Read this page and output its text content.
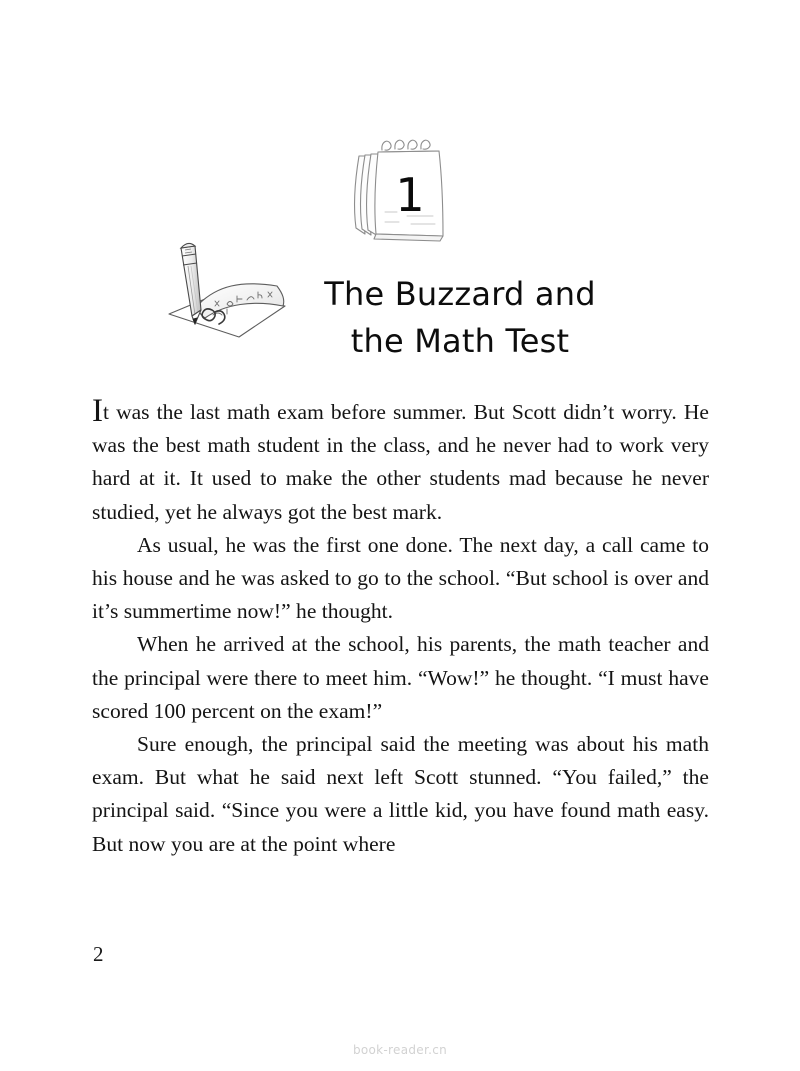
1
The Buzzard and
the Math Test

It was the last math exam before summer. But Scott didn’t worry. He was the best math student in the class, and he never had to work very hard at it. It used to make the other students mad because he never studied, yet he always got the best mark.

As usual, he was the first one done. The next day, a call came to his house and he was asked to go to the school. “But school is over and it’s summertime now!” he thought.

When he arrived at the school, his parents, the math teacher and the principal were there to meet him. “Wow!” he thought. “I must have scored 100 percent on the exam!”

Sure enough, the principal said the meeting was about his math exam. But what he said next left Scott stunned. “You failed,” the principal said. “Since you were a little kid, you have found math easy. But now you are at the point where

2
book-reader.cn
